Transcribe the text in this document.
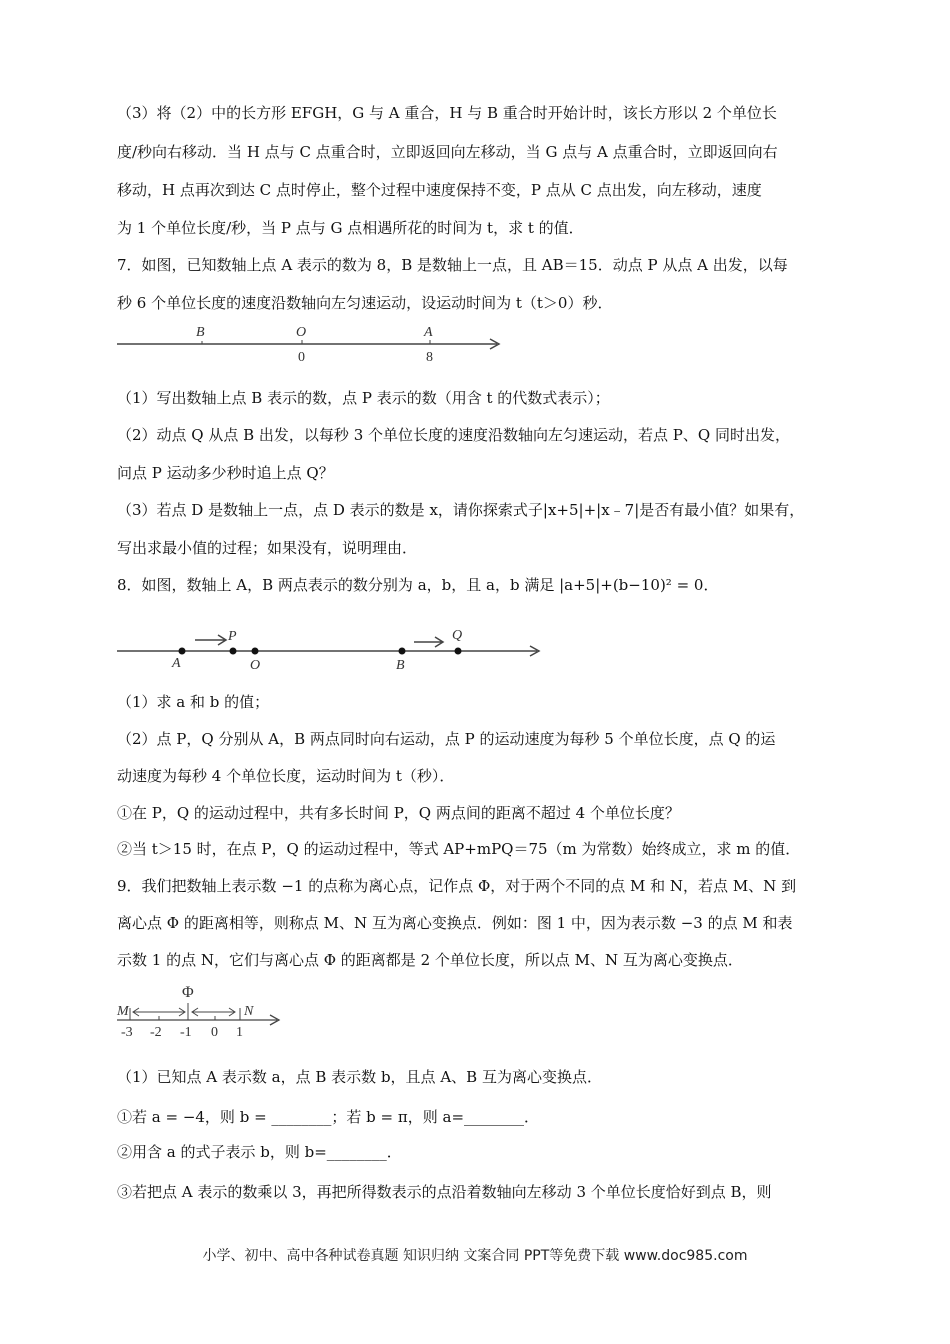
（3）将（2）中的长方形 EFGH，G 与 A 重合，H 与 B 重合时开始计时，该长方形以 2 个单位长
度/秒向右移动．当 H 点与 C 点重合时，立即返回向左移动，当 G 点与 A 点重合时，立即返回向右
移动，H 点再次到达 C 点时停止，整个过程中速度保持不变，P 点从 C 点出发，向左移动，速度
为 1 个单位长度/秒，当 P 点与 G 点相遇所花的时间为 t，求 t 的值．
7．如图，已知数轴上点 A 表示的数为 8，B 是数轴上一点，且 AB＝15．动点 P 从点 A 出发，以每
秒 6 个单位长度的速度沿数轴向左匀速运动，设运动时间为 t（t＞0）秒．
（1）写出数轴上点 B 表示的数，点 P 表示的数（用含 t 的代数式表示）；
（2）动点 Q 从点 B 出发，以每秒 3 个单位长度的速度沿数轴向左匀速运动，若点 P、Q 同时出发，
问点 P 运动多少秒时追上点 Q？
（3）若点 D 是数轴上一点，点 D 表示的数是 x，请你探索式子|x+5|+|x﹣7|是否有最小值？如果有，
写出求最小值的过程；如果没有，说明理由．
8．如图，数轴上 A，B 两点表示的数分别为 a，b，且 a，b 满足 |a+5|+(b−10)² = 0．
（1）求 a 和 b 的值；
（2）点 P，Q 分别从 A，B 两点同时向右运动，点 P 的运动速度为每秒 5 个单位长度，点 Q 的运
动速度为每秒 4 个单位长度，运动时间为 t（秒）．
①在 P，Q 的运动过程中，共有多长时间 P，Q 两点间的距离不超过 4 个单位长度？
②当 t＞15 时，在点 P，Q 的运动过程中，等式 AP+mPQ＝75（m 为常数）始终成立，求 m 的值．
9．我们把数轴上表示数 −1 的点称为离心点，记作点 Φ，对于两个不同的点 M 和 N，若点 M、N 到
离心点 Φ 的距离相等，则称点 M、N 互为离心变换点．例如：图 1 中，因为表示数 −3 的点 M 和表
示数 1 的点 N，它们与离心点 Φ 的距离都是 2 个单位长度，所以点 M、N 互为离心变换点．
（1）已知点 A 表示数 a，点 B 表示数 b，且点 A、B 互为离心变换点．
①若 a = −4，则 b = ________；若 b = π，则 a=________．
②用含 a 的式子表示 b，则 b=________．
③若把点 A 表示的数乘以 3，再把所得数表示的点沿着数轴向左移动 3 个单位长度恰好到点 B，则
B	O	A
0	8
A
P
O	B
Q
M	N
Φ
-3 -2 -1 0 1
小学、初中、高中各种试卷真题 知识归纳 文案合同 PPT等免费下载 www.doc985.com
